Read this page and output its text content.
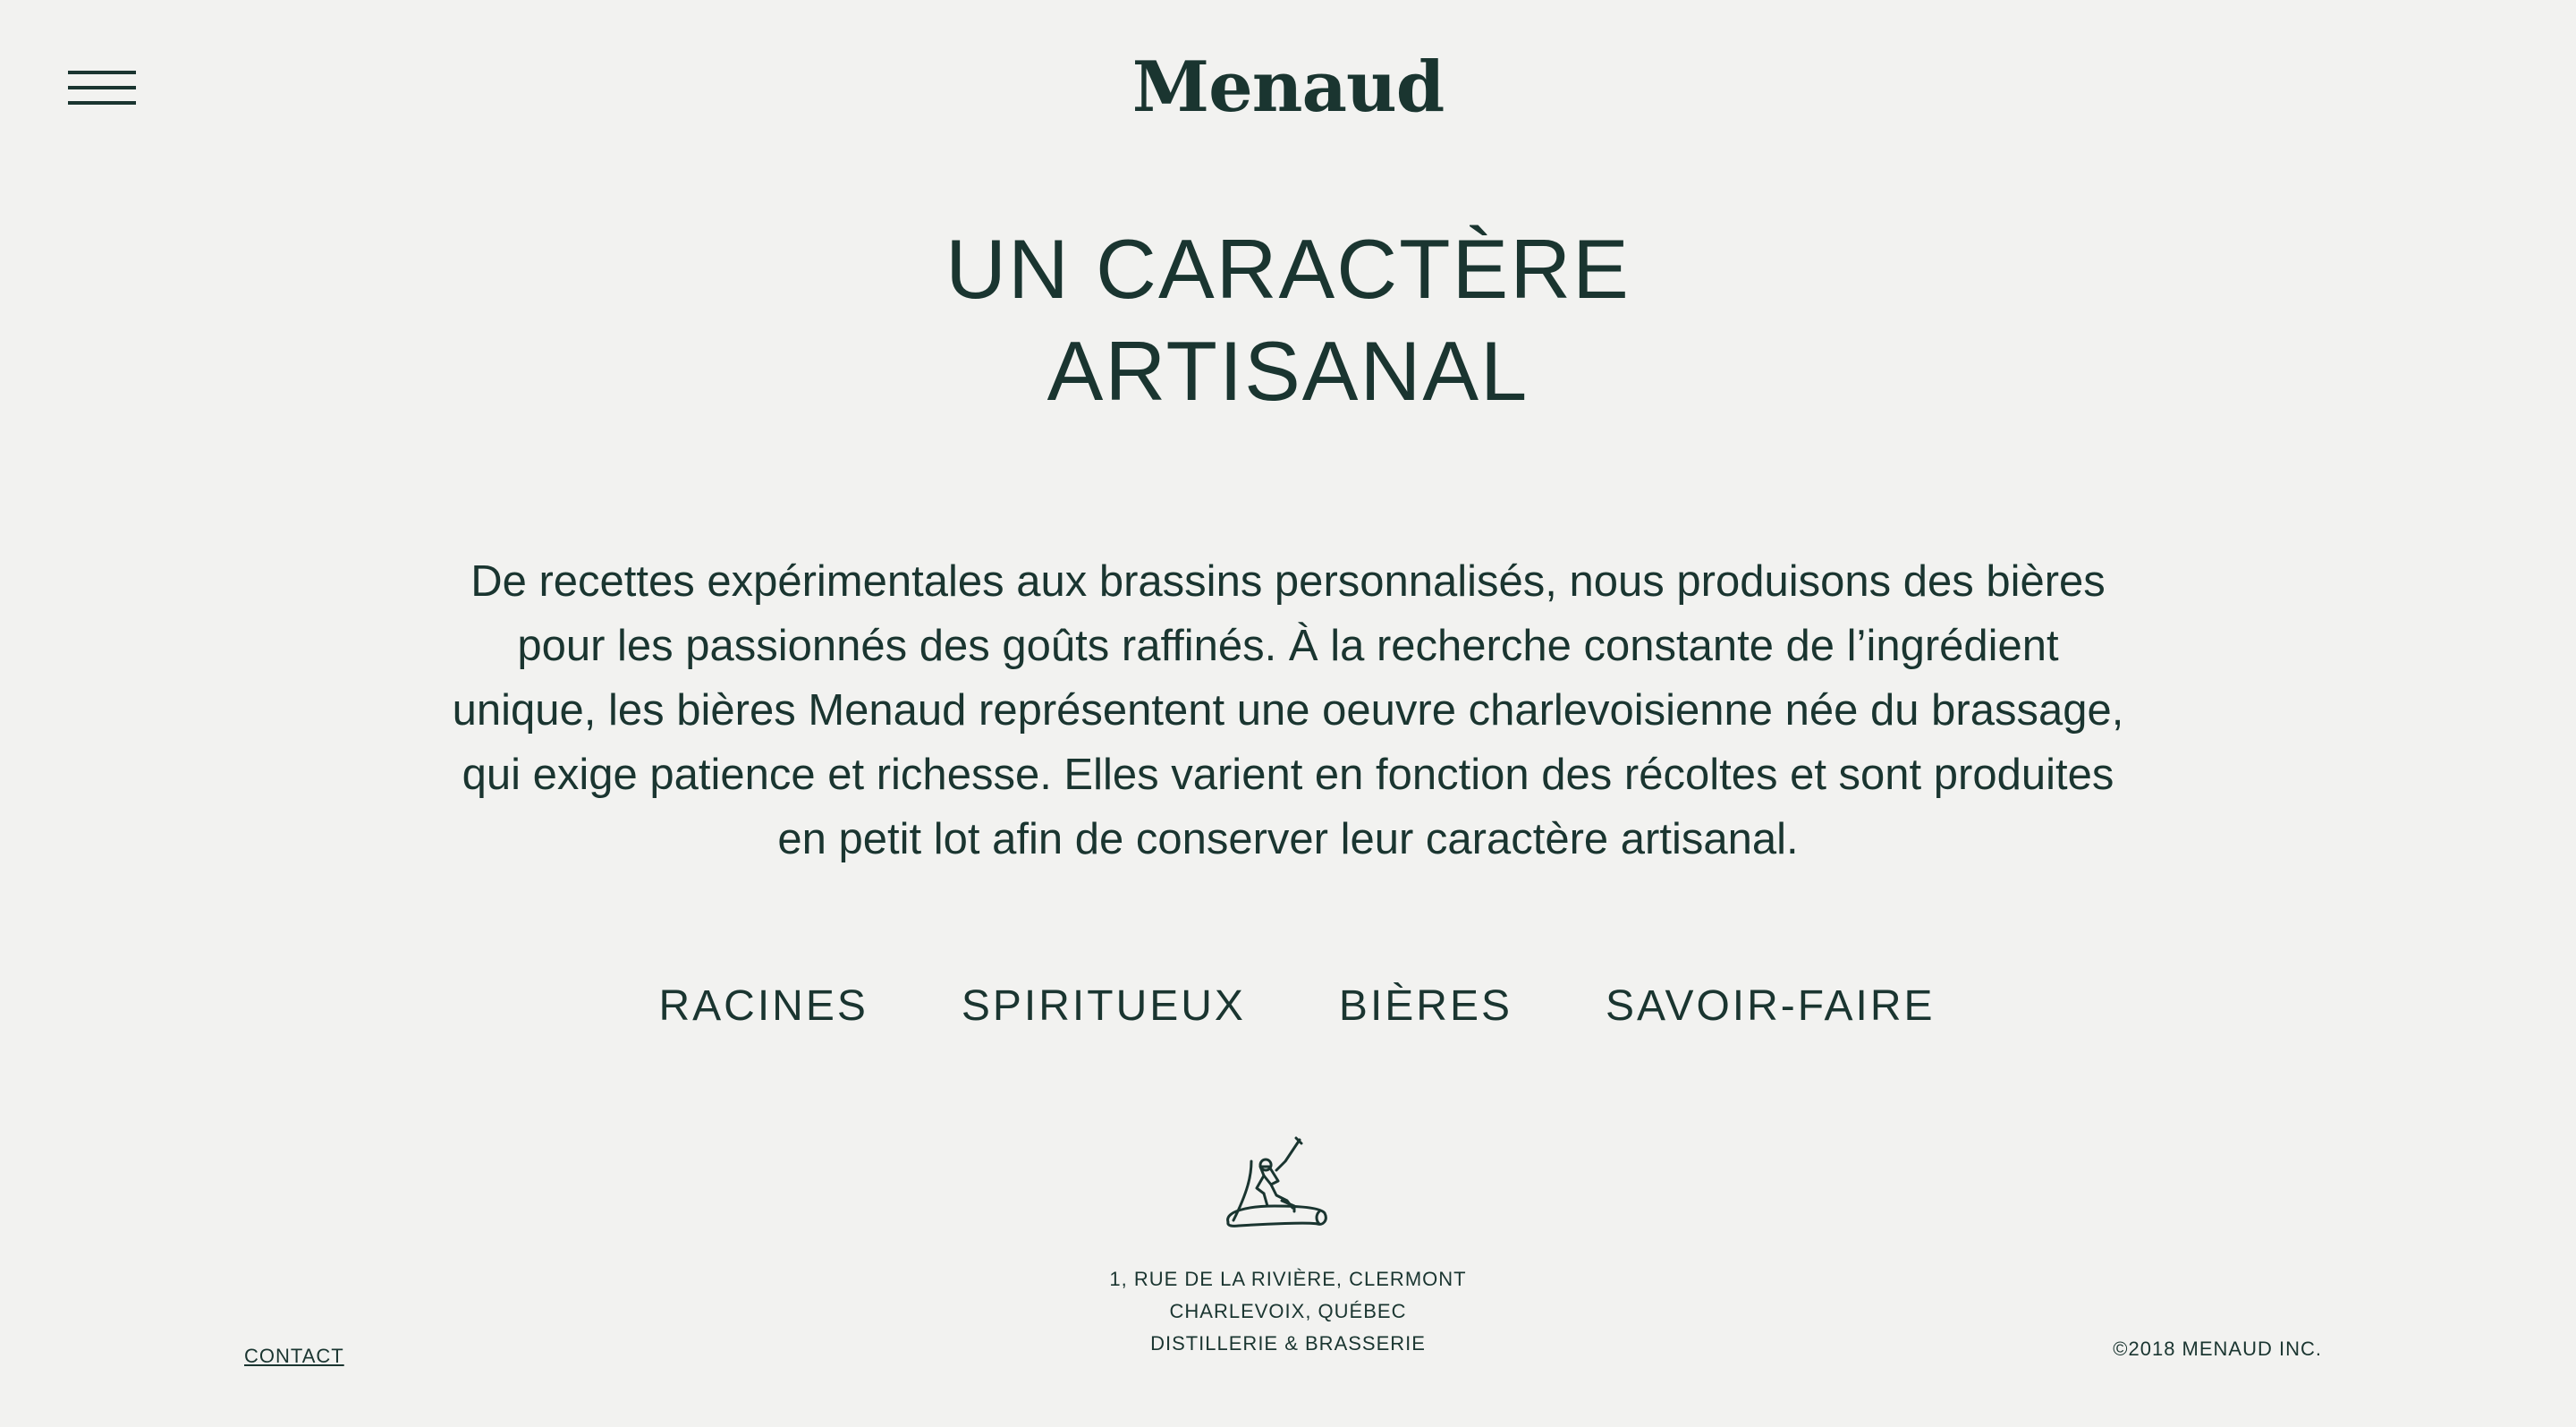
Menaud
UN CARACTÈRE
ARTISANAL

De recettes expérimentales aux brassins personnalisés, nous produisons des bières pour les passionnés des goûts raffinés. À la recherche constante de l’ingrédient unique, les bières Menaud représentent une oeuvre charlevoisienne née du brassage, qui exige patience et richesse. Elles varient en fonction des récoltes et sont produites en petit lot afin de conserver leur caractère artisanal.

RACINES SPIRITUEUX BIÈRES SAVOIR-FAIRE
1, RUE DE LA RIVIÈRE, CLERMONT
CHARLEVOIX, QUÉBEC
DISTILLERIE & BRASSERIE
CONTACT	©2018 MENAUD INC.
